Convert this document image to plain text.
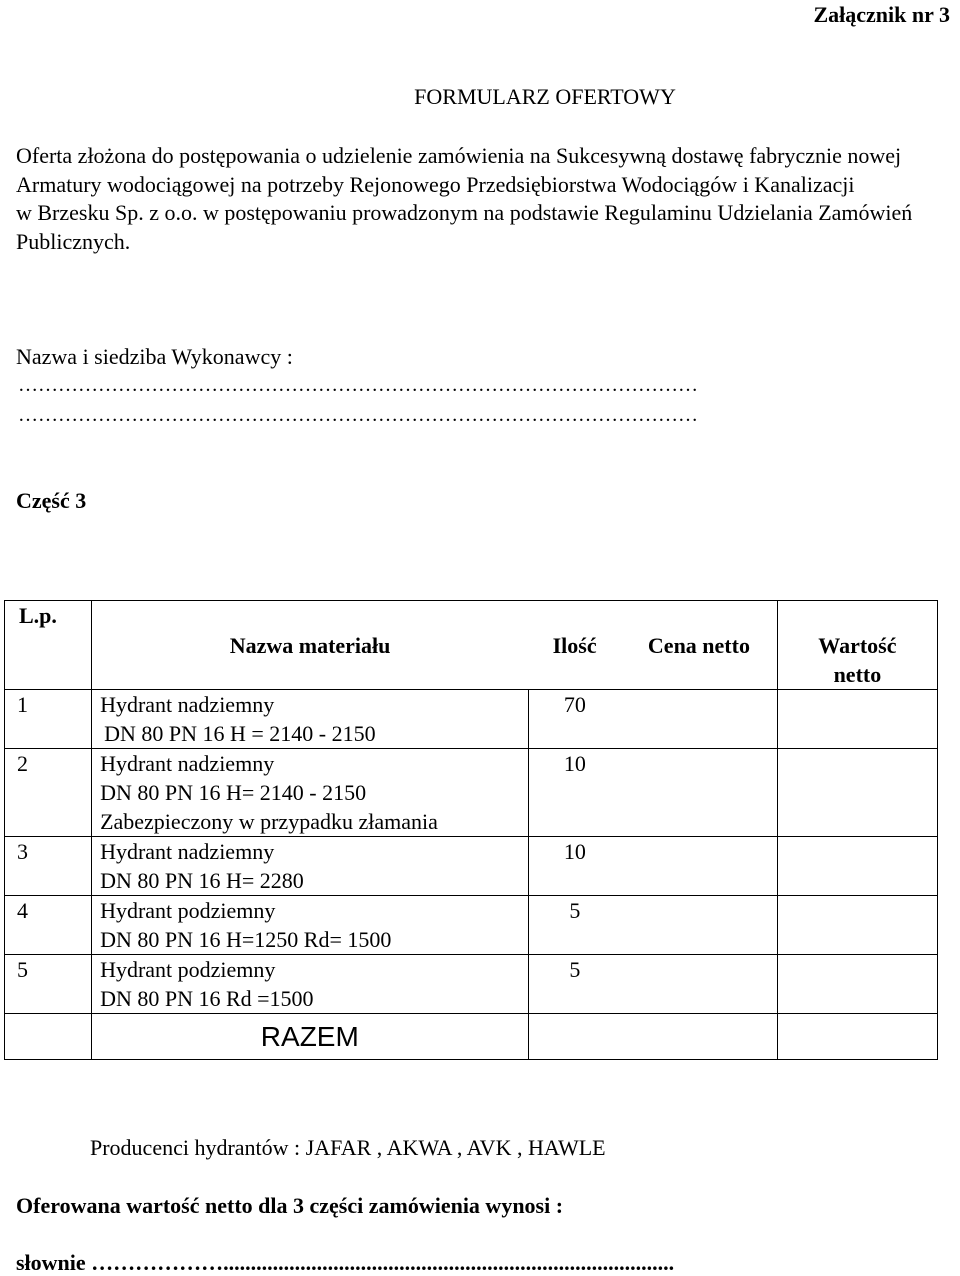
Załącznik nr 3
FORMULARZ OFERTOWY
Oferta złożona do postępowania o udzielenie zamówienia na Sukcesywną dostawę fabrycznie nowej
Armatury wodociągowej na potrzeby Rejonowego Przedsiębiorstwa Wodociągów i Kanalizacji
w Brzesku Sp. z o.o. w postępowaniu prowadzonym na podstawie Regulaminu Udzielania Zamówień Publicznych.
Nazwa i siedziba Wykonawcy :
…………………………………………………………………………………………
…………………………………………………………………………………………
Część 3
L.p.	Nazwa materiału	Ilość	Cena netto	Wartość
netto

1	Hydrant nadziemny
DN 80 PN 16 H = 2140 - 2150	70		
2	Hydrant nadziemny
DN 80 PN 16 H= 2140 - 2150
Zabezpieczony w przypadku złamania	10		
3	Hydrant nadziemny
DN 80 PN 16 H= 2280	10		
4	Hydrant podziemny
DN 80 PN 16 H=1250 Rd= 1500	5		
5	Hydrant podziemny
DN 80 PN 16 Rd =1500	5		
	RAZEM			
Producenci hydrantów : JAFAR , AKWA , AVK , HAWLE
Oferowana wartość netto dla 3 części zamówienia wynosi :
słownie ………………..................................................................................
